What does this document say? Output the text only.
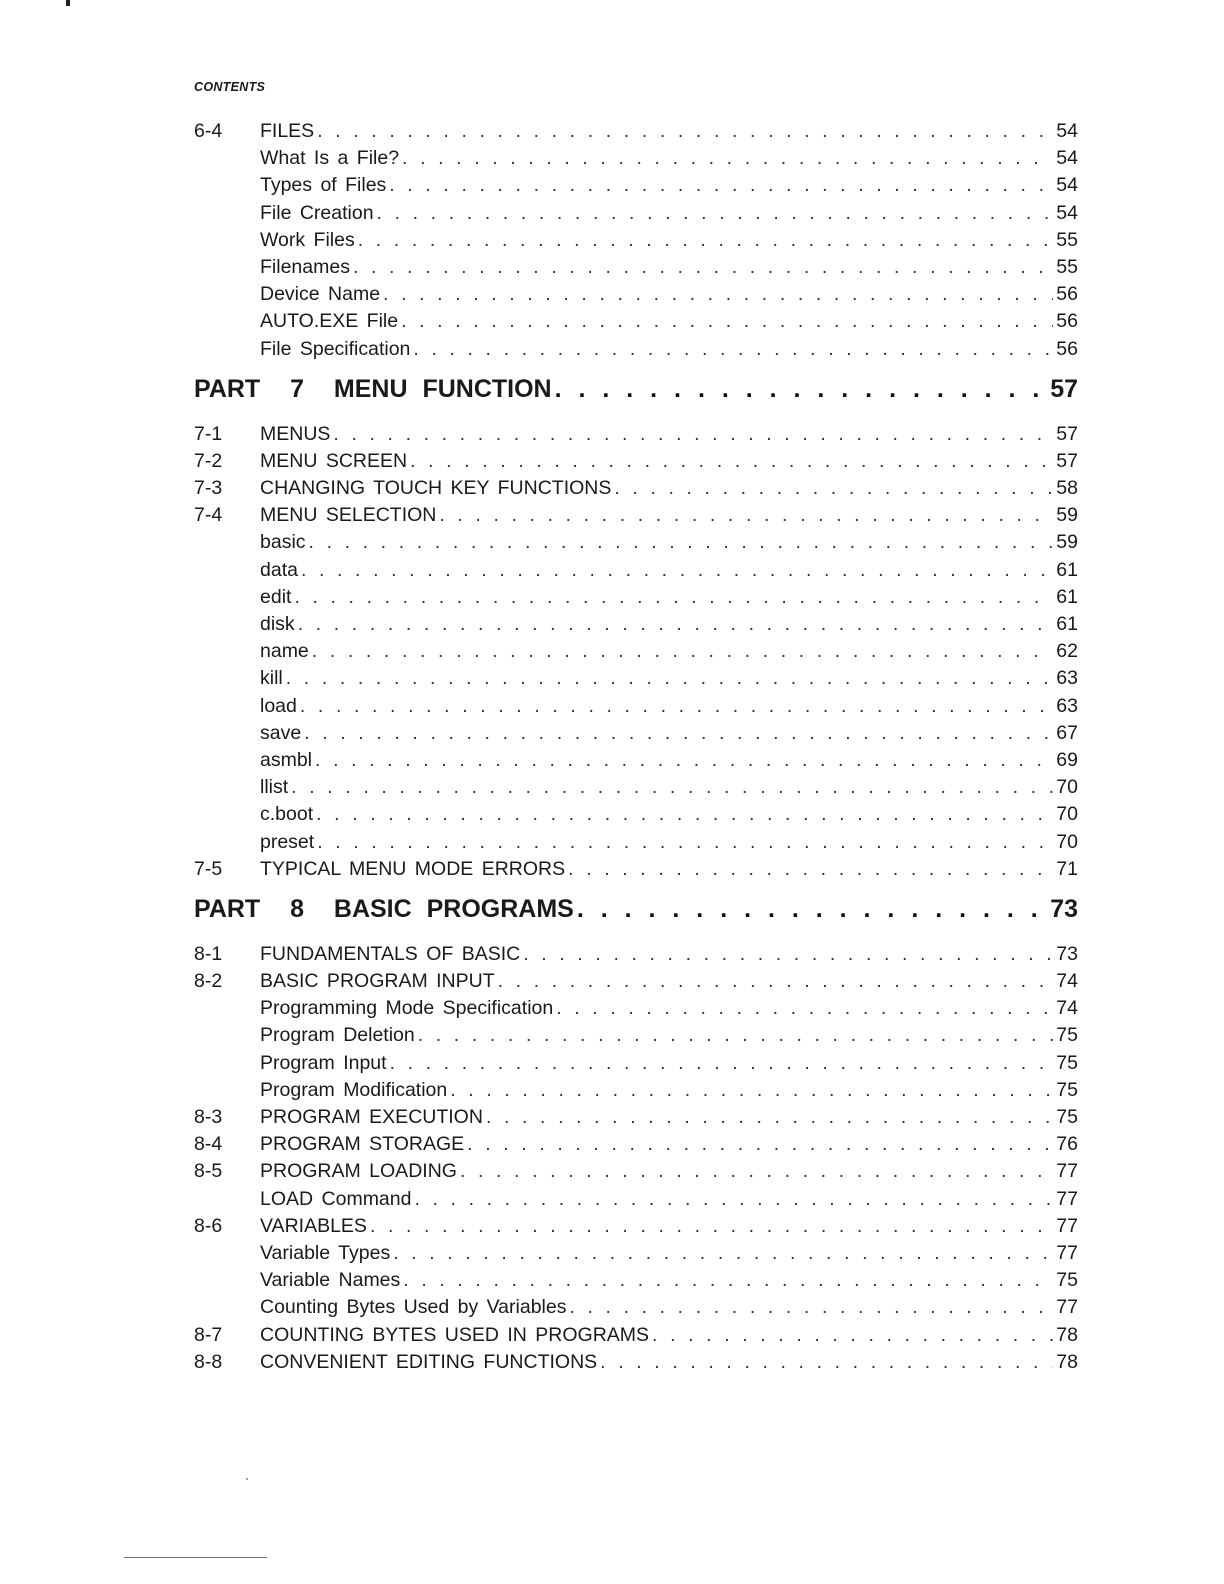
CONTENTS
6-4	FILES . . .	54
What Is a File? . . .	54
Types of Files . . .	54
File Creation . . .	54
Work Files . . .	55
Filenames . . .	55
Device Name . . .	56
AUTO.EXE File . . .	56
File Specification . . .	56
PART  7  MENU FUNCTION . . .	57
7-1	MENUS . . .	57
7-2	MENU SCREEN . . .	57
7-3	CHANGING TOUCH KEY FUNCTIONS . . .	58
7-4	MENU SELECTION . . .	59
basic . . .	59
data . . .	61
edit . . .	61
disk . . .	61
name . . .	62
kill . . .	63
load . . .	63
save . . .	67
asmbl . . .	69
llist . . .	70
c.boot . . .	70
preset . . .	70
7-5	TYPICAL MENU MODE ERRORS . . .	71
PART  8  BASIC PROGRAMS . . .	73
8-1	FUNDAMENTALS OF BASIC . . .	73
8-2	BASIC PROGRAM INPUT . . .	74
Programming Mode Specification . . .	74
Program Deletion . . .	75
Program Input . . .	75
Program Modification . . .	75
8-3	PROGRAM EXECUTION . . .	75
8-4	PROGRAM STORAGE . . .	76
8-5	PROGRAM LOADING . . .	77
LOAD Command . . .	77
8-6	VARIABLES . . .	77
Variable Types . . .	77
Variable Names . . .	75
Counting Bytes Used by Variables . . .	77
8-7	COUNTING BYTES USED IN PROGRAMS . . .	78
8-8	CONVENIENT EDITING FUNCTIONS . . .	78
